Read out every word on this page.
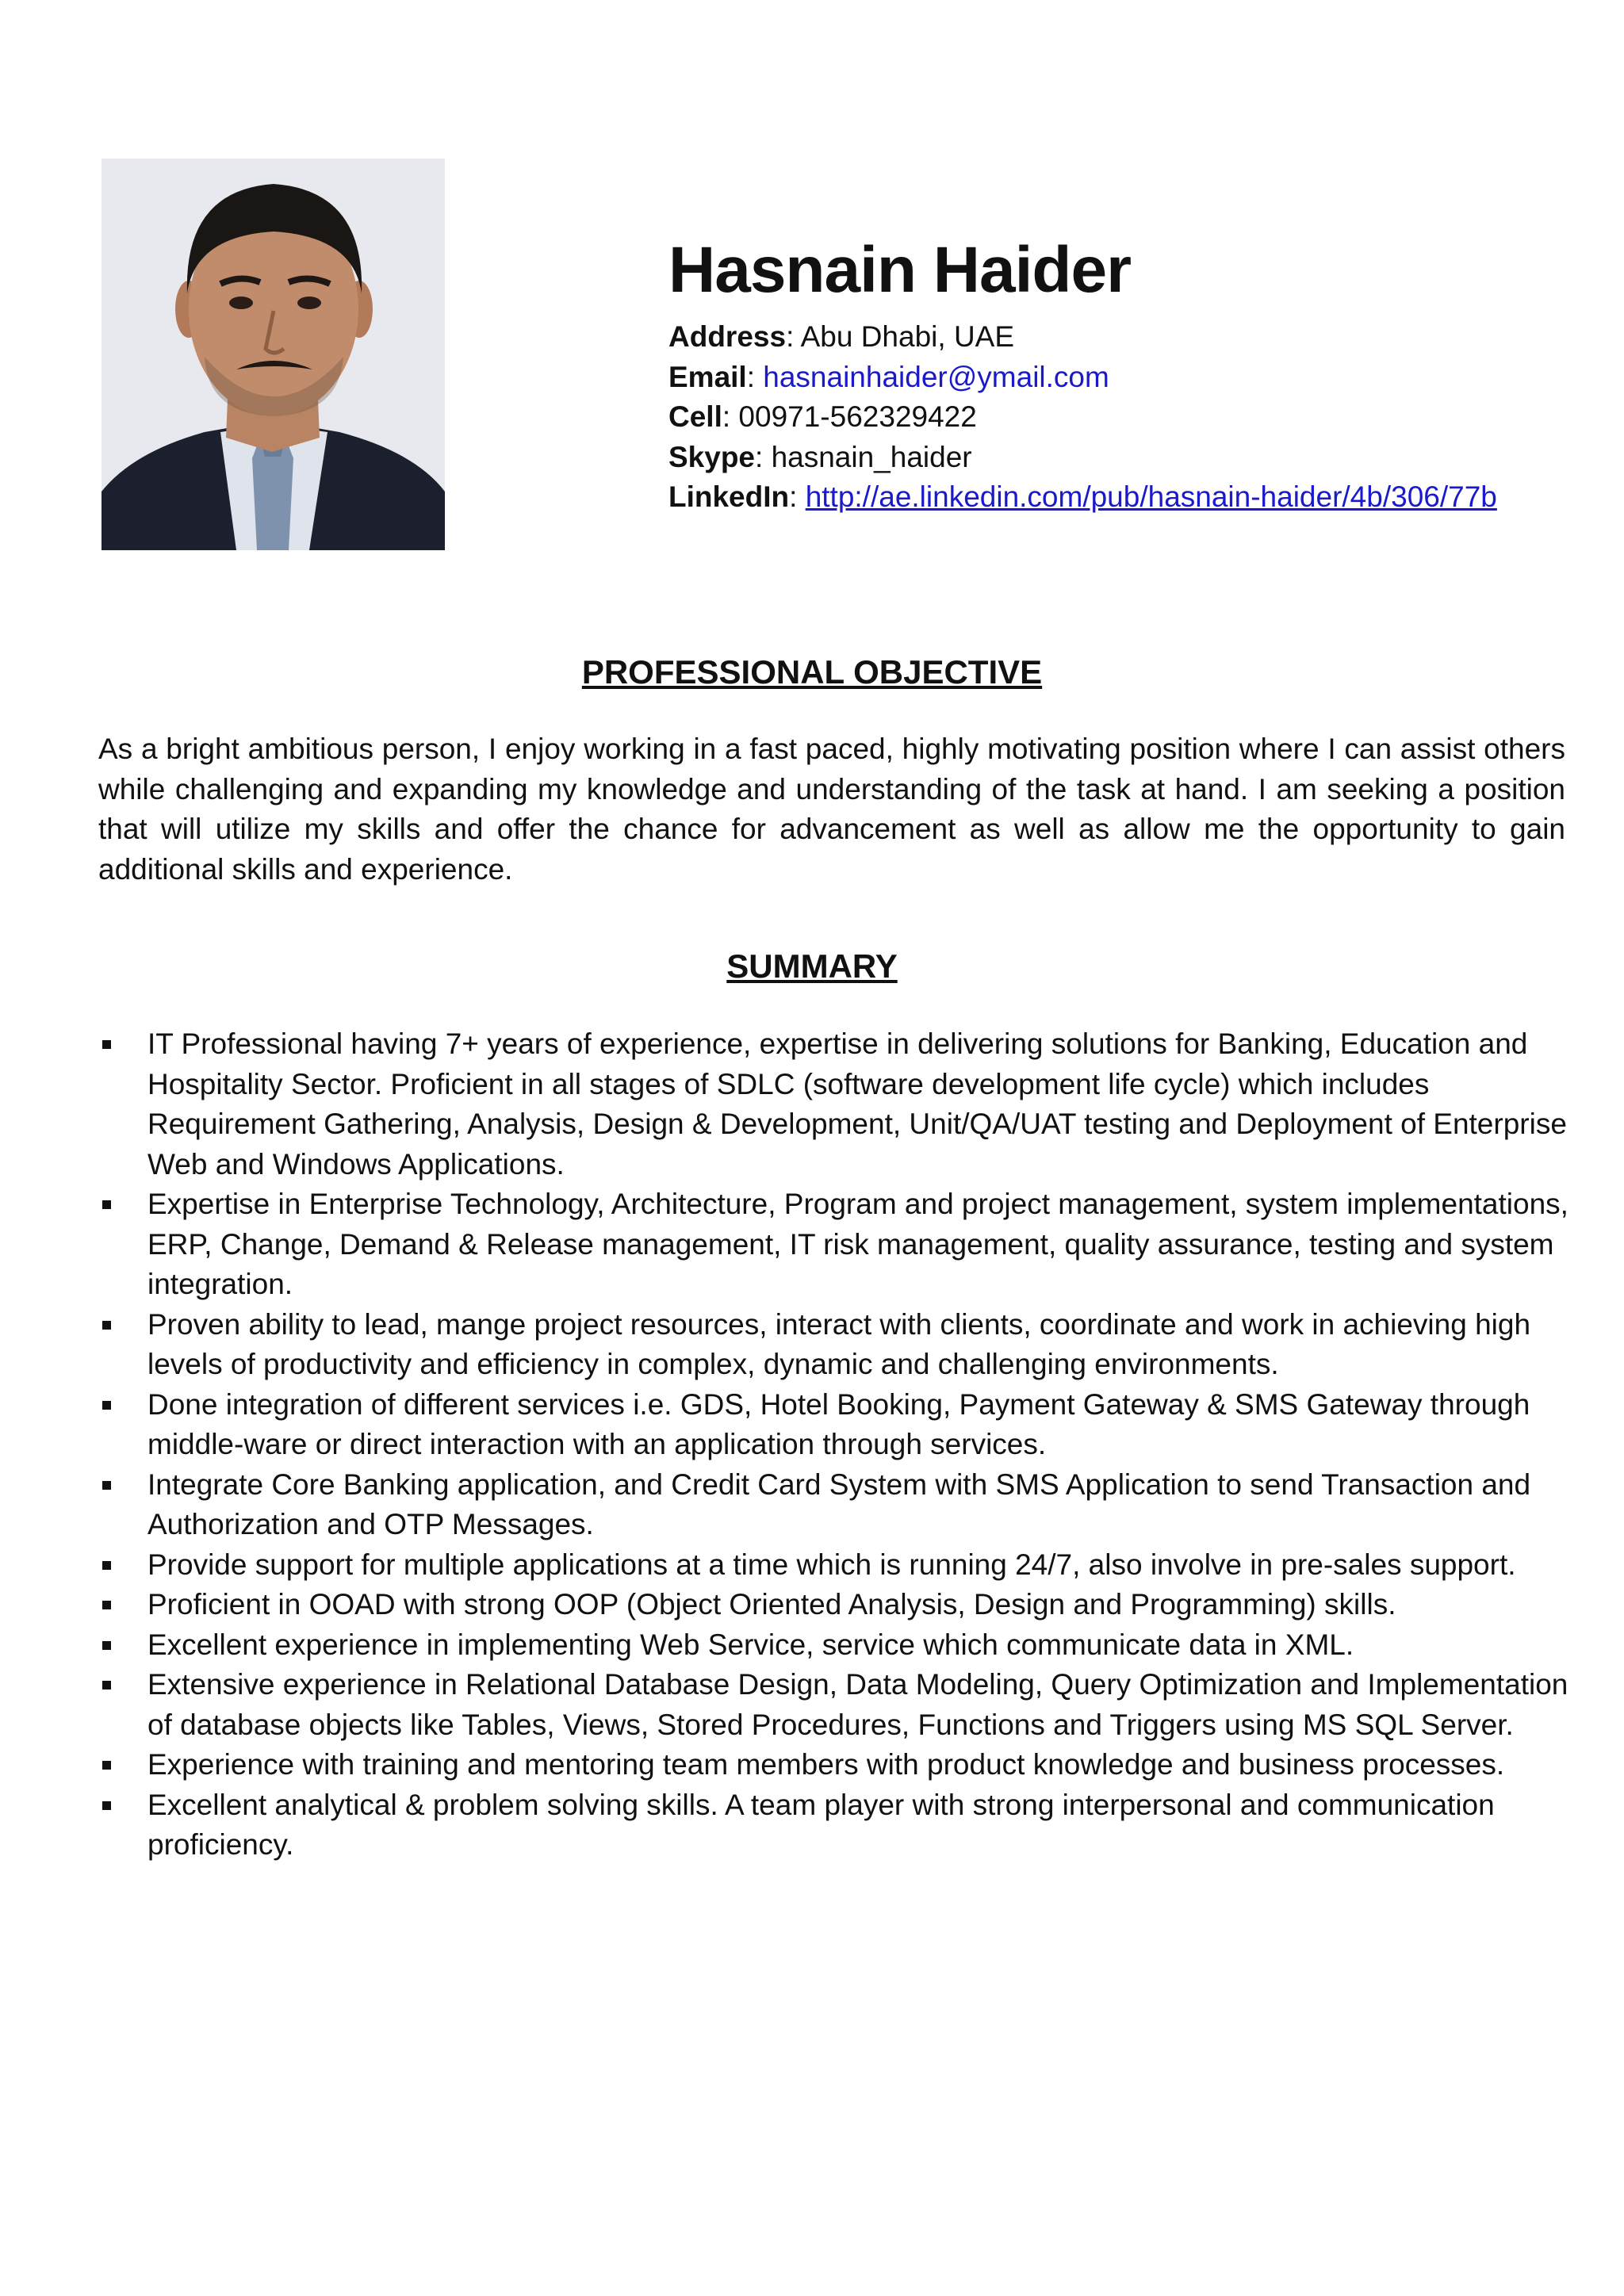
Hasnain Haider
Address: Abu Dhabi, UAE
Email: hasnainhaider@ymail.com
Cell: 00971-562329422
Skype: hasnain_haider
LinkedIn: http://ae.linkedin.com/pub/hasnain-haider/4b/306/77b
PROFESSIONAL OBJECTIVE
As a bright ambitious person, I enjoy working in a fast paced, highly motivating position where I can assist others while challenging and expanding my knowledge and understanding of the task at hand. I am seeking a position that will utilize my skills and offer the chance for advancement as well as allow me the opportunity to gain additional skills and experience.
SUMMARY
IT Professional having 7+ years of experience, expertise in delivering solutions for Banking, Education and Hospitality Sector. Proficient in all stages of SDLC (software development life cycle) which includes Requirement Gathering, Analysis, Design & Development, Unit/QA/UAT testing and Deployment of Enterprise Web and Windows Applications.
Expertise in Enterprise Technology, Architecture, Program and project management, system implementations, ERP, Change, Demand & Release management, IT risk management, quality assurance, testing and system integration.
Proven ability to lead, mange project resources, interact with clients, coordinate and work in achieving high levels of productivity and efficiency in complex, dynamic and challenging environments.
Done integration of different services i.e. GDS, Hotel Booking, Payment Gateway & SMS Gateway through middle-ware or direct interaction with an application through services.
Integrate Core Banking application, and Credit Card System with SMS Application to send Transaction and Authorization and OTP Messages.
Provide support for multiple applications at a time which is running 24/7, also involve in pre-sales support.
Proficient in OOAD with strong OOP (Object Oriented Analysis, Design and Programming) skills.
Excellent experience in implementing Web Service, service which communicate data in XML.
Extensive experience in Relational Database Design, Data Modeling, Query Optimization and Implementation of database objects like Tables, Views, Stored Procedures, Functions and Triggers using MS SQL Server.
Experience with training and mentoring team members with product knowledge and business processes.
Excellent analytical & problem solving skills. A team player with strong interpersonal and communication proficiency.
